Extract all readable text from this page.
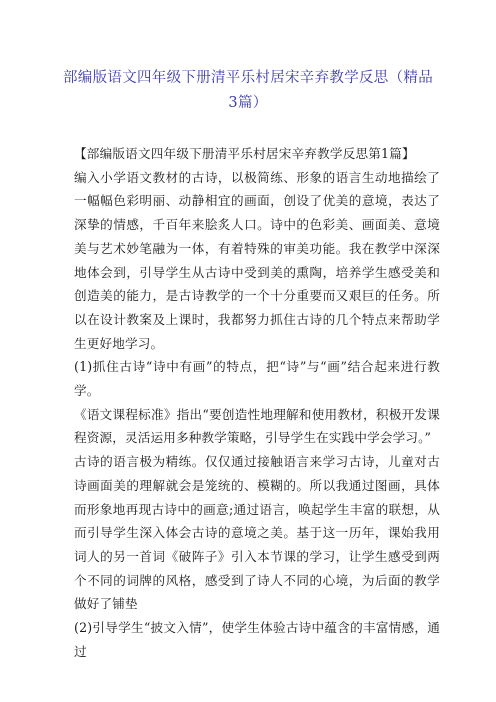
部编版语文四年级下册清平乐村居宋辛弃教学反思（精品3篇）

【部编版语文四年级下册清平乐村居宋辛弃教学反思第1篇】

编入小学语文教材的古诗，以极简练、形象的语言生动地描绘了一幅幅色彩明丽、动静相宜的画面，创设了优美的意境，表达了深挚的情感，千百年来脍炙人口。诗中的色彩美、画面美、意境美与艺术妙笔融为一体，有着特殊的审美功能。我在教学中深深地体会到，引导学生从古诗中受到美的熏陶，培养学生感受美和创造美的能力，是古诗教学的一个十分重要而又艰巨的任务。所以在设计教案及上课时，我都努力抓住古诗的几个特点来帮助学生更好地学习。

(1)抓住古诗“诗中有画”的特点，把“诗”与“画”结合起来进行教学。

《语文课程标准》指出“要创造性地理解和使用教材，积极开发课程资源，灵活运用多种教学策略，引导学生在实践中学会学习。”

古诗的语言极为精练。仅仅通过接触语言来学习古诗，儿童对古诗画面美的理解就会是笼统的、模糊的。所以我通过图画，具体而形象地再现古诗中的画意;通过语言，唤起学生丰富的联想，从而引导学生深入体会古诗的意境之美。基于这一历年，课始我用词人的另一首词《破阵子》引入本节课的学习，让学生感受到两个不同的词牌的风格，感受到了诗人不同的心境，为后面的教学做好了铺垫

(2)引导学生“披文入情”，使学生体验古诗中蕴含的丰富情感，通过
